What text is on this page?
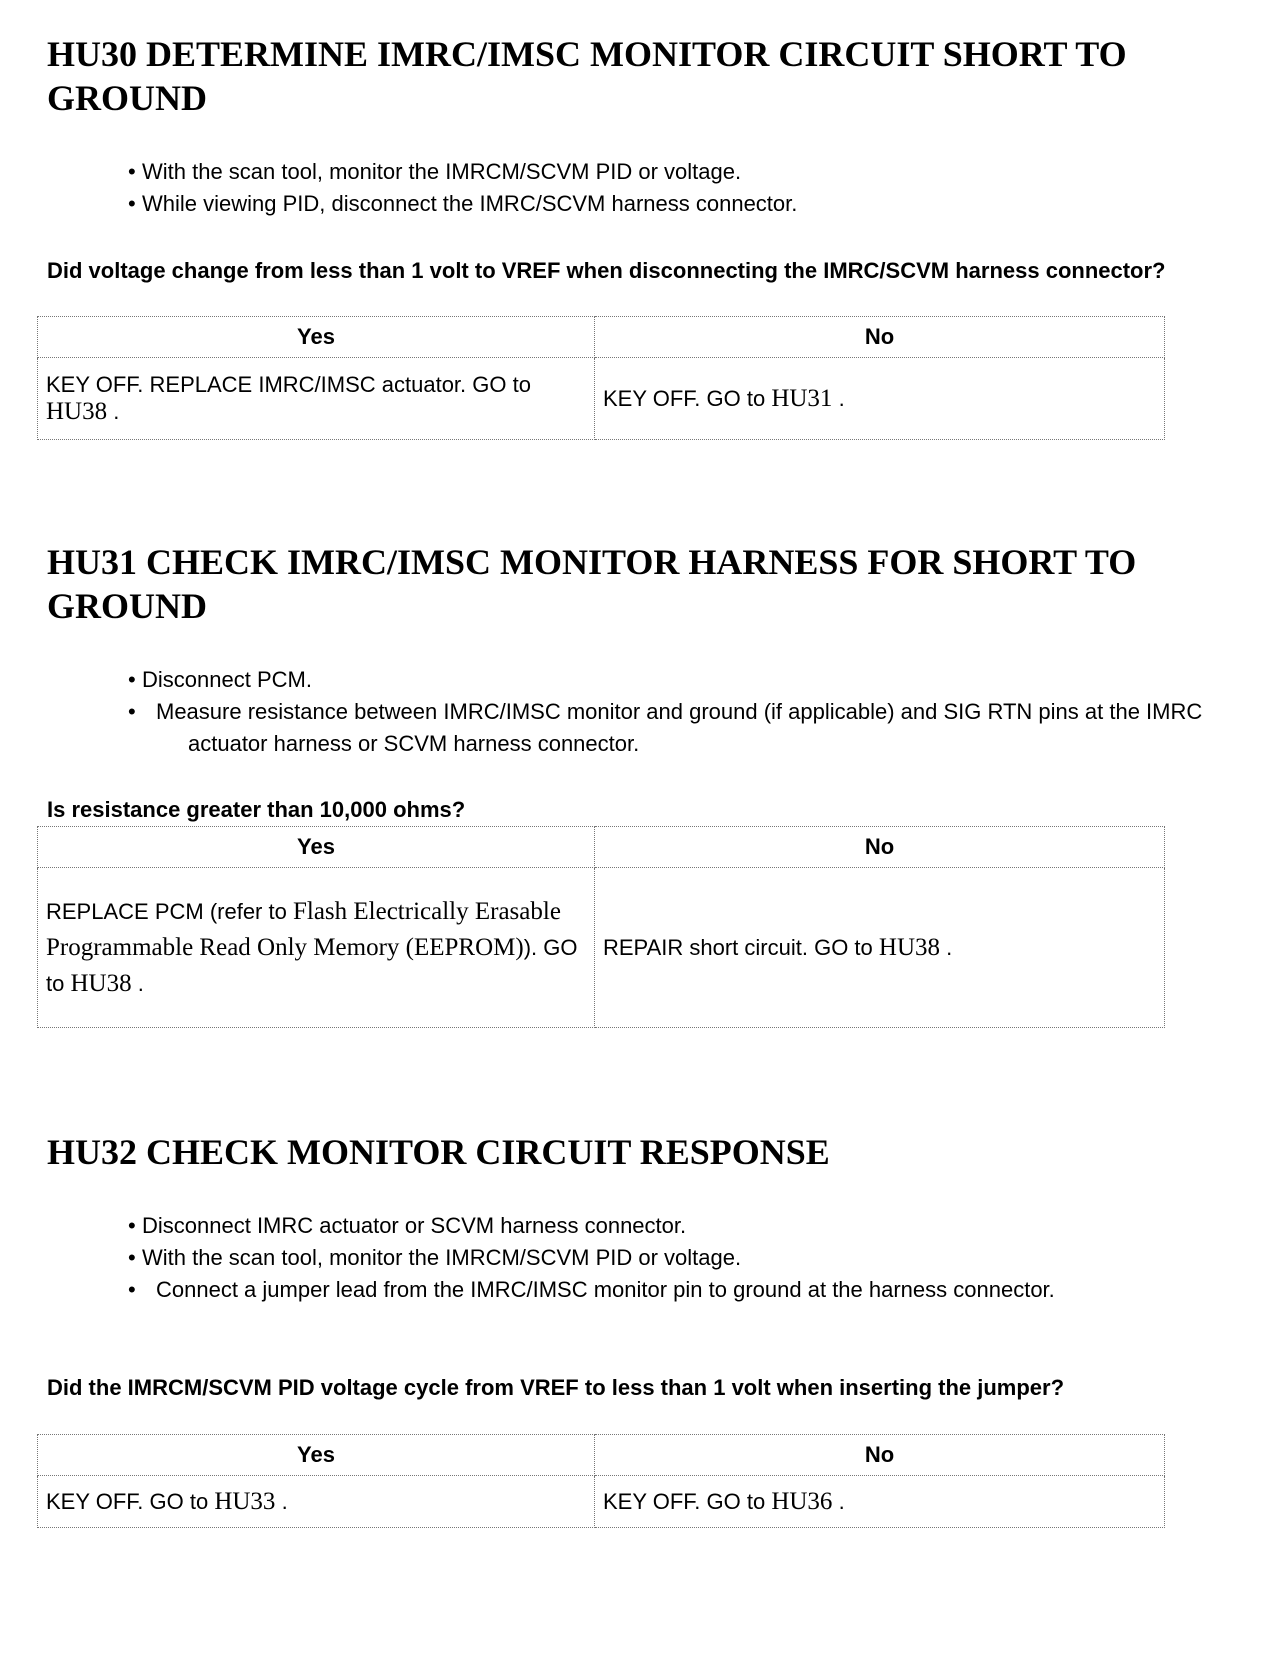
HU30 DETERMINE IMRC/IMSC MONITOR CIRCUIT SHORT TO GROUND
• With the scan tool, monitor the IMRCM/SCVM PID or voltage.
• While viewing PID, disconnect the IMRC/SCVM harness connector.

Did voltage change from less than 1 volt to VREF when disconnecting the IMRC/SCVM harness connector?

Yes	No
KEY OFF. REPLACE IMRC/IMSC actuator. GO to HU38 .	KEY OFF. GO to HU31 .
HU31 CHECK IMRC/IMSC MONITOR HARNESS FOR SHORT TO GROUND
• Disconnect PCM.
• Measure resistance between IMRC/IMSC monitor and ground (if applicable) and SIG RTN pins at the IMRC actuator harness or SCVM harness connector.

Is resistance greater than 10,000 ohms?

Yes	No
REPLACE PCM (refer to Flash Electrically Erasable Programmable Read Only Memory (EEPROM)). GO to HU38 .	REPAIR short circuit. GO to HU38 .
HU32 CHECK MONITOR CIRCUIT RESPONSE
• Disconnect IMRC actuator or SCVM harness connector.
• With the scan tool, monitor the IMRCM/SCVM PID or voltage.
• Connect a jumper lead from the IMRC/IMSC monitor pin to ground at the harness connector.

Did the IMRCM/SCVM PID voltage cycle from VREF to less than 1 volt when inserting the jumper?

Yes	No
KEY OFF. GO to HU33 .	KEY OFF. GO to HU36 .
